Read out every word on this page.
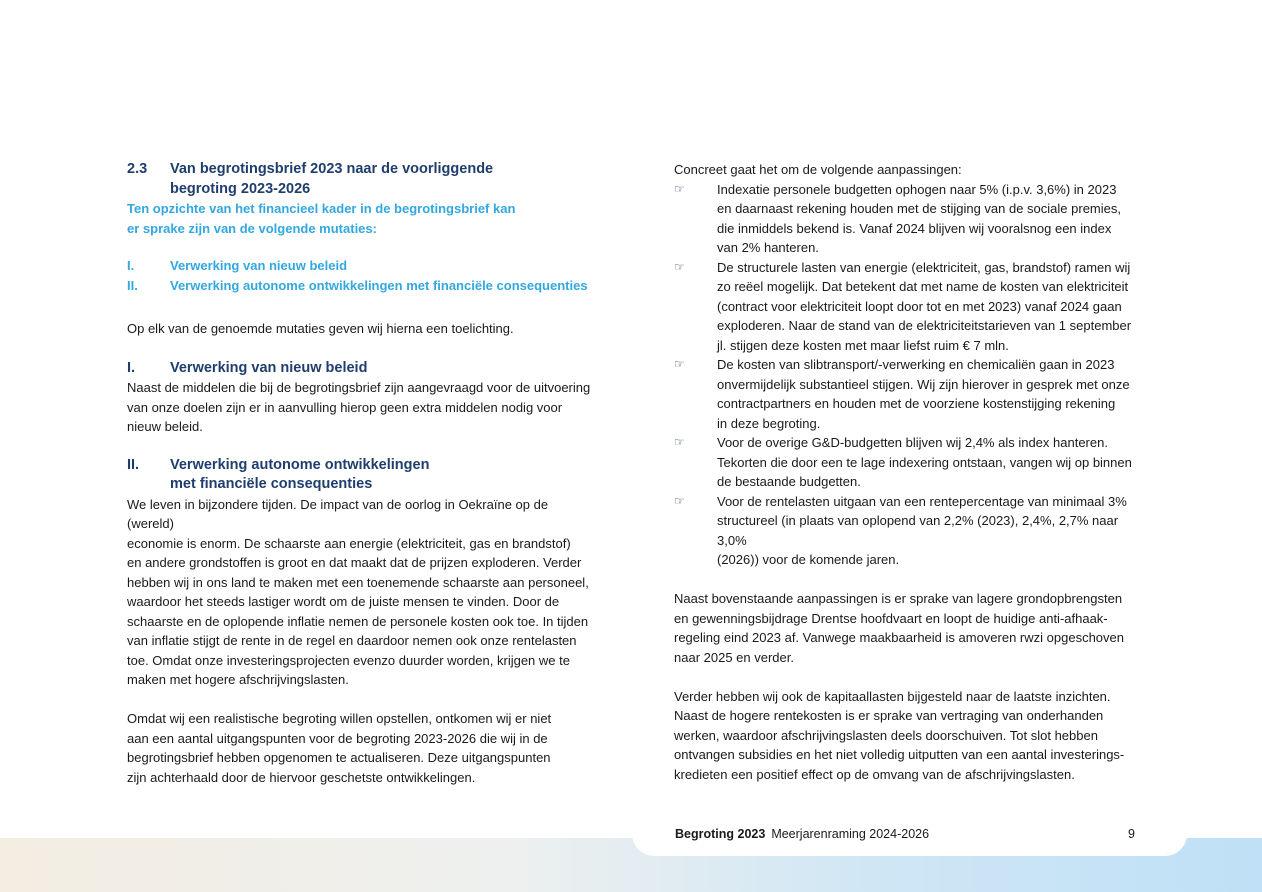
2.3	Van begrotingsbrief 2023 naar de voorliggende
begroting 2023-2026

Ten opzichte van het financieel kader in de begrotingsbrief kan
er sprake zijn van de volgende mutaties:

I.	Verwerking van nieuw beleid
II.	Verwerking autonome ontwikkelingen met financiële consequenties

Op elk van de genoemde mutaties geven wij hierna een toelichting.

I.	Verwerking van nieuw beleid

Naast de middelen die bij de begrotingsbrief zijn aangevraagd voor de uitvoering
van onze doelen zijn er in aanvulling hierop geen extra middelen nodig voor
nieuw beleid.

II.	Verwerking autonome ontwikkelingen
met financiële consequenties

We leven in bijzondere tijden. De impact van de oorlog in Oekraïne op de (wereld)
economie is enorm. De schaarste aan energie (elektriciteit, gas en brandstof)
en andere grondstoffen is groot en dat maakt dat de prijzen exploderen. Verder
hebben wij in ons land te maken met een toenemende schaarste aan personeel,
waardoor het steeds lastiger wordt om de juiste mensen te vinden. Door de
schaarste en de oplopende inflatie nemen de personele kosten ook toe. In tijden
van inflatie stijgt de rente in de regel en daardoor nemen ook onze rentelasten
toe. Omdat onze investeringsprojecten evenzo duurder worden, krijgen we te
maken met hogere afschrijvingslasten.

Omdat wij een realistische begroting willen opstellen, ontkomen wij er niet
aan een aantal uitgangspunten voor de begroting 2023-2026 die wij in de
begrotingsbrief hebben opgenomen te actualiseren. Deze uitgangspunten
zijn achterhaald door de hiervoor geschetste ontwikkelingen.

Concreet gaat het om de volgende aanpassingen:

☞	Indexatie personele budgetten ophogen naar 5% (i.p.v. 3,6%) in 2023
en daarnaast rekening houden met de stijging van de sociale premies,
die inmiddels bekend is. Vanaf 2024 blijven wij vooralsnog een index
van 2% hanteren.
☞	De structurele lasten van energie (elektriciteit, gas, brandstof) ramen wij
zo reëel mogelijk. Dat betekent dat met name de kosten van elektriciteit
(contract voor elektriciteit loopt door tot en met 2023) vanaf 2024 gaan
exploderen. Naar de stand van de elektriciteitstarieven van 1 september
jl. stijgen deze kosten met maar liefst ruim € 7 mln.
☞	De kosten van slibtransport/-verwerking en chemicaliën gaan in 2023
onvermijdelijk substantieel stijgen. Wij zijn hierover in gesprek met onze
contractpartners en houden met de voorziene kostenstijging rekening
in deze begroting.
☞	Voor de overige G&D-budgetten blijven wij 2,4% als index hanteren.
Tekorten die door een te lage indexering ontstaan, vangen wij op binnen
de bestaande budgetten.
☞	Voor de rentelasten uitgaan van een rentepercentage van minimaal 3%
structureel (in plaats van oplopend van 2,2% (2023), 2,4%, 2,7% naar 3,0%
(2026)) voor de komende jaren.

Naast bovenstaande aanpassingen is er sprake van lagere grondopbrengsten
en gewenningsbijdrage Drentse hoofdvaart en loopt de huidige anti-afhaak-
regeling eind 2023 af. Vanwege maakbaarheid is amoveren rwzi opgeschoven
naar 2025 en verder.

Verder hebben wij ook de kapitaallasten bijgesteld naar de laatste inzichten.
Naast de hogere rentekosten is er sprake van vertraging van onderhanden
werken, waardoor afschrijvingslasten deels doorschuiven. Tot slot hebben
ontvangen subsidies en het niet volledig uitputten van een aantal investerings-
kredieten een positief effect op de omvang van de afschrijvingslasten.

Begroting 2023 Meerjarenraming 2024-2026	9
